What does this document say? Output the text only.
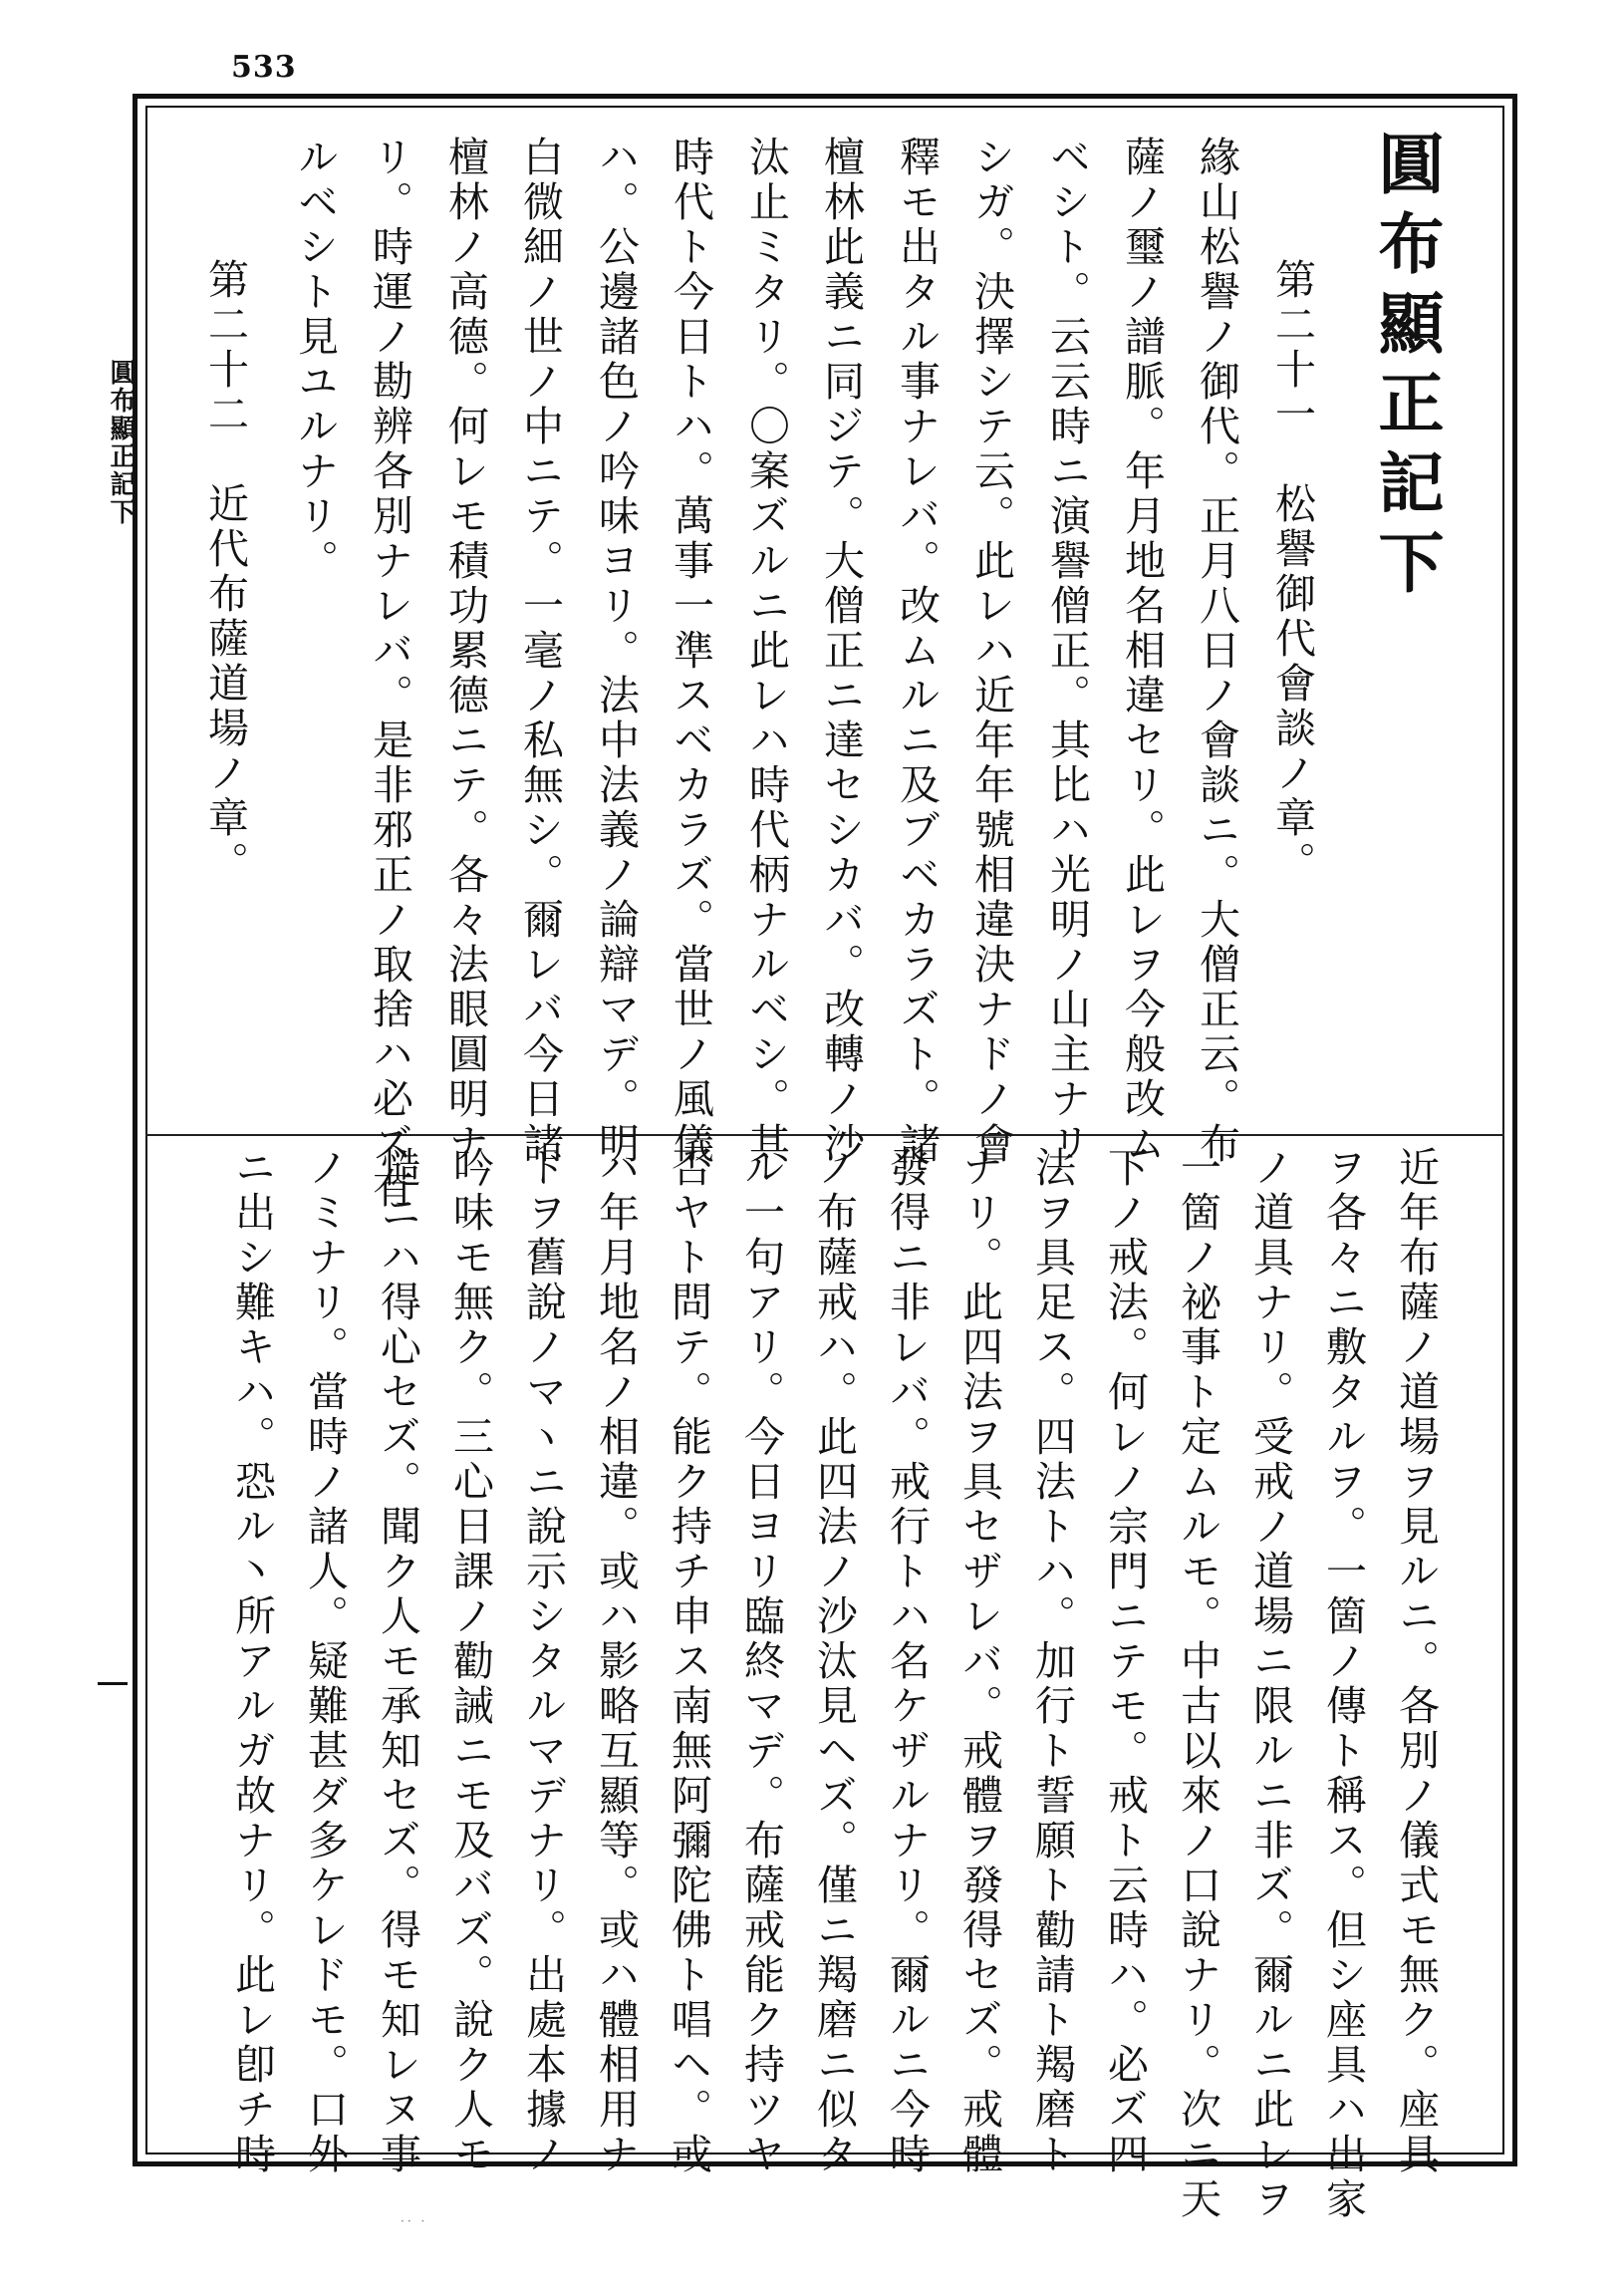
533
圓布顯正記下	圓布顯正記下
　第二十一　松譽御代會談ノ章。
緣山松譽ノ御代。正月八日ノ會談ニ。大僧正云。布
薩ノ璽ノ譜脈。年月地名相違セリ。此レヲ今般改ム
ベシト。云云時ニ演譽僧正。其比ハ光明ノ山主ナリ
シガ。決擇シテ云。此レハ近年年號相違決ナドノ會
釋モ出タル事ナレバ。改ムルニ及ブベカラズト。諸
檀林此義ニ同ジテ。大僧正ニ達セシカバ。改轉ノ沙
汰止ミタリ。〇案ズルニ此レハ時代柄ナルベシ。其
時代ト今日トハ。萬事一準スベカラズ。當世ノ風儀
ハ。公邊諸色ノ吟味ヨリ。法中法義ノ論辯マデ。明
白微細ノ世ノ中ニテ。一毫ノ私無シ。爾レバ今日諸
檀林ノ高德。何レモ積功累德ニテ。各々法眼圓明ナ
リ。時運ノ勘辨各別ナレバ。是非邪正ノ取捨ハ必ズ有
ルベシト見ユルナリ。
　第二十二　近代布薩道場ノ章。
近年布薩ノ道場ヲ見ルニ。各別ノ儀式モ無ク。座具
ヲ各々ニ敷タルヲ。一箇ノ傳ト稱ス。但シ座具ハ出家
ノ道具ナリ。受戒ノ道場ニ限ルニ非ズ。爾ルニ此レヲ
一箇ノ祕事ト定ムルモ。中古以來ノ口說ナリ。次ニ天
下ノ戒法。何レノ宗門ニテモ。戒ト云時ハ。必ズ四
法ヲ具足ス。四法トハ。加行ト誓願ト勸請ト羯磨ト
ナリ。此四法ヲ具セザレバ。戒體ヲ發得セズ。戒體
發得ニ非レバ。戒行トハ名ケザルナリ。爾ルニ今時
ノ布薩戒ハ。此四法ノ沙汰見ヘズ。僅ニ羯磨ニ似タ
ル一句アリ。今日ヨリ臨終マデ。布薩戒能ク持ツヤ
否ヤト問テ。能ク持チ申ス南無阿彌陀佛ト唱ヘ。或
ハ年月地名ノ相違。或ハ影略互顯等。或ハ體相用ナ
ドヲ舊說ノマヽニ說示シタルマデナリ。出處本據ノ
吟味モ無ク。三心日課ノ勸誡ニモ及バズ。說ク人モ
慥ニハ得心セズ。聞ク人モ承知セズ。得モ知レヌ事
ノミナリ。當時ノ諸人。疑難甚ダ多ケレドモ。口外
ニ出シ難キハ。恐ル丶所アルガ故ナリ。此レ卽チ時
·· ·
